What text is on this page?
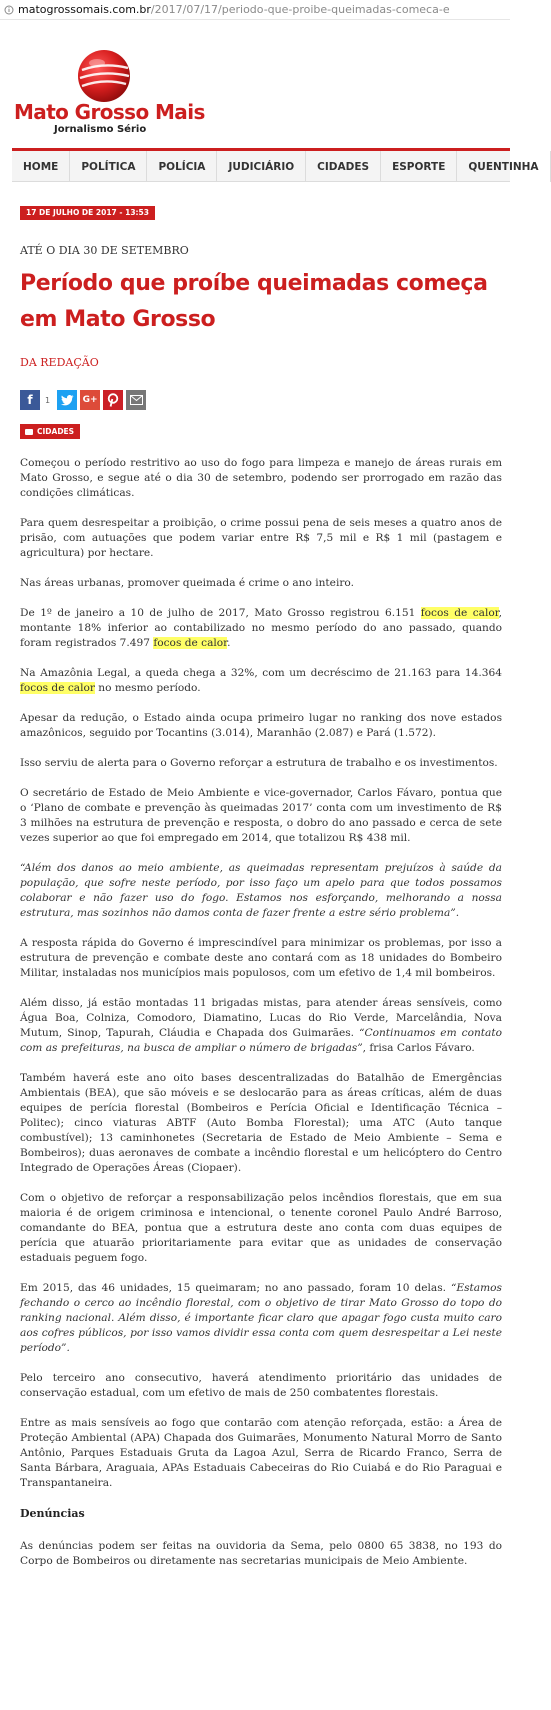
matogrossomais.com.br /2017/07/17/periodo-que-proibe-queimadas-comeca-e
Mato Grosso Mais
Jornalismo Sério
HOME	POLÍTICA	POLÍCIA	JUDICIÁRIO	CIDADES	ESPORTE	QUENTINHA
17 DE JULHO DE 2017 - 13:53
ATÉ O DIA 30 DE SETEMBRO
Período que proíbe queimadas começa em Mato Grosso
DA REDAÇÃO
f 1	G+
CIDADES

Começou o período restritivo ao uso do fogo para limpeza e manejo de áreas rurais em Mato Grosso, e segue até o dia 30 de setembro, podendo ser prorrogado em razão das condições climáticas.

Para quem desrespeitar a proibição, o crime possui pena de seis meses a quatro anos de prisão, com autuações que podem variar entre R$ 7,5 mil e R$ 1 mil (pastagem e agricultura) por hectare.

Nas áreas urbanas, promover queimada é crime o ano inteiro.

De 1º de janeiro a 10 de julho de 2017, Mato Grosso registrou 6.151 focos de calor, montante 18% inferior ao contabilizado no mesmo período do ano passado, quando foram registrados 7.497 focos de calor.

Na Amazônia Legal, a queda chega a 32%, com um decréscimo de 21.163 para 14.364 focos de calor no mesmo período.

Apesar da redução, o Estado ainda ocupa primeiro lugar no ranking dos nove estados amazônicos, seguido por Tocantins (3.014), Maranhão (2.087) e Pará (1.572).

Isso serviu de alerta para o Governo reforçar a estrutura de trabalho e os investimentos.

O secretário de Estado de Meio Ambiente e vice-governador, Carlos Fávaro, pontua que o ‘Plano de combate e prevenção às queimadas 2017’ conta com um investimento de R$ 3 milhões na estrutura de prevenção e resposta, o dobro do ano passado e cerca de sete vezes superior ao que foi empregado em 2014, que totalizou R$ 438 mil.

“Além dos danos ao meio ambiente, as queimadas representam prejuízos à saúde da população, que sofre neste período, por isso faço um apelo para que todos possamos colaborar e não fazer uso do fogo. Estamos nos esforçando, melhorando a nossa estrutura, mas sozinhos não damos conta de fazer frente a estre sério problema”.

A resposta rápida do Governo é imprescindível para minimizar os problemas, por isso a estrutura de prevenção e combate deste ano contará com as 18 unidades do Bombeiro Militar, instaladas nos municípios mais populosos, com um efetivo de 1,4 mil bombeiros.

Além disso, já estão montadas 11 brigadas mistas, para atender áreas sensíveis, como Água Boa, Colniza, Comodoro, Diamatino, Lucas do Rio Verde, Marcelândia, Nova Mutum, Sinop, Tapurah, Cláudia e Chapada dos Guimarães. “Continuamos em contato com as prefeituras, na busca de ampliar o número de brigadas”, frisa Carlos Fávaro.

Também haverá este ano oito bases descentralizadas do Batalhão de Emergências Ambientais (BEA), que são móveis e se deslocarão para as áreas críticas, além de duas equipes de perícia florestal (Bombeiros e Perícia Oficial e Identificação Técnica – Politec); cinco viaturas ABTF (Auto Bomba Florestal); uma ATC (Auto tanque combustível); 13 caminhonetes (Secretaria de Estado de Meio Ambiente – Sema e Bombeiros); duas aeronaves de combate a incêndio florestal e um helicóptero do Centro Integrado de Operações Áreas (Ciopaer).

Com o objetivo de reforçar a responsabilização pelos incêndios florestais, que em sua maioria é de origem criminosa e intencional, o tenente coronel Paulo André Barroso, comandante do BEA, pontua que a estrutura deste ano conta com duas equipes de perícia que atuarão prioritariamente para evitar que as unidades de conservação estaduais peguem fogo.

Em 2015, das 46 unidades, 15 queimaram; no ano passado, foram 10 delas. “Estamos fechando o cerco ao incêndio florestal, com o objetivo de tirar Mato Grosso do topo do ranking nacional. Além disso, é importante ficar claro que apagar fogo custa muito caro aos cofres públicos, por isso vamos dividir essa conta com quem desrespeitar a Lei neste período”.

Pelo terceiro ano consecutivo, haverá atendimento prioritário das unidades de conservação estadual, com um efetivo de mais de 250 combatentes florestais.

Entre as mais sensíveis ao fogo que contarão com atenção reforçada, estão: a Área de Proteção Ambiental (APA) Chapada dos Guimarães, Monumento Natural Morro de Santo Antônio, Parques Estaduais Gruta da Lagoa Azul, Serra de Ricardo Franco, Serra de Santa Bárbara, Araguaia, APAs Estaduais Cabeceiras do Rio Cuiabá e do Rio Paraguai e Transpantaneira.

Denúncias

As denúncias podem ser feitas na ouvidoria da Sema, pelo 0800 65 3838, no 193 do Corpo de Bombeiros ou diretamente nas secretarias municipais de Meio Ambiente.
